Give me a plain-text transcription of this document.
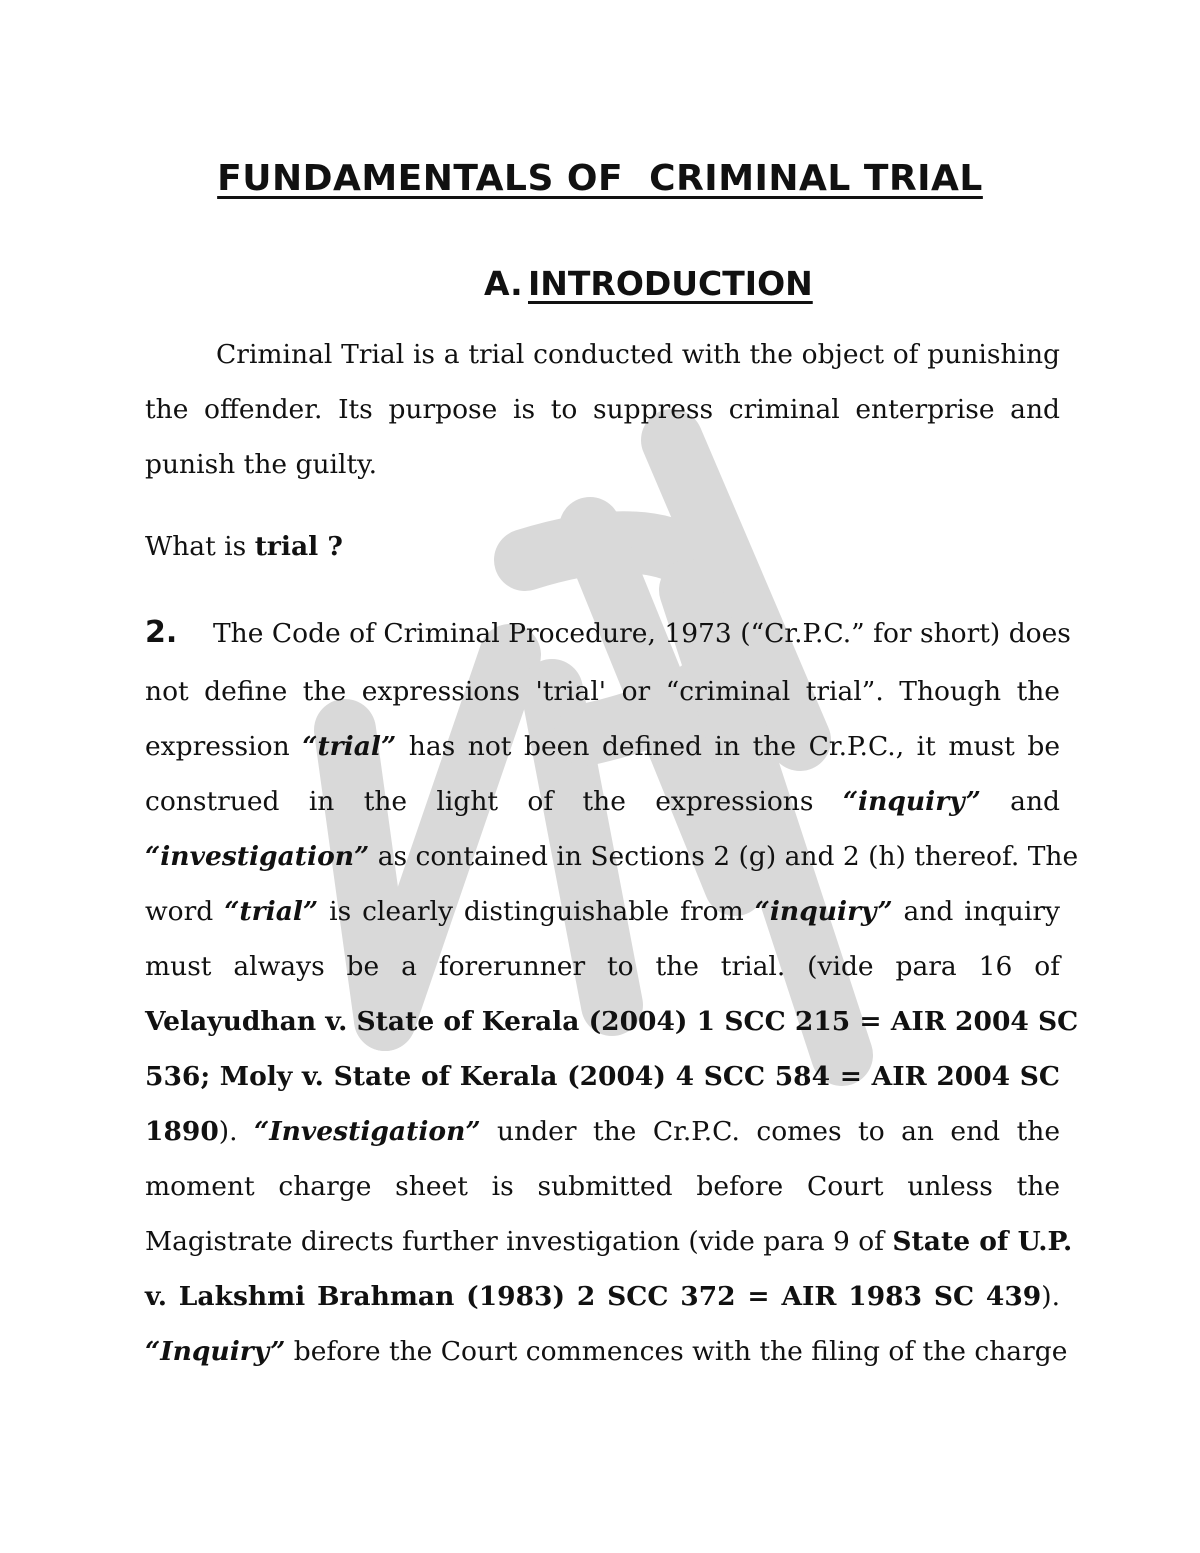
FUNDAMENTALS OF  CRIMINAL TRIAL
A. INTRODUCTION
Criminal Trial is a trial conducted with the object of punishing
the offender. Its purpose is to suppress criminal enterprise and
punish the guilty.
What is trial ?
2. The Code of Criminal Procedure, 1973 (“Cr.P.C.” for short) does
not define the expressions 'trial' or “criminal trial”. Though the
expression “trial” has not been defined in the Cr.P.C., it must be
construed in the light of the expressions “inquiry” and
“investigation” as contained in Sections 2 (g) and 2 (h) thereof. The
word “trial” is clearly distinguishable from “inquiry” and inquiry
must always be a forerunner to the trial. (vide para 16 of
Velayudhan v. State of Kerala (2004) 1 SCC 215 = AIR 2004 SC
536; Moly v. State of Kerala (2004) 4 SCC 584 = AIR 2004 SC
1890). “Investigation” under the Cr.P.C. comes to an end the
moment charge sheet is submitted before Court unless the
Magistrate directs further investigation (vide para 9 of State of U.P.
v. Lakshmi Brahman (1983) 2 SCC 372 = AIR 1983 SC 439).
“Inquiry” before the Court commences with the filing of the charge
